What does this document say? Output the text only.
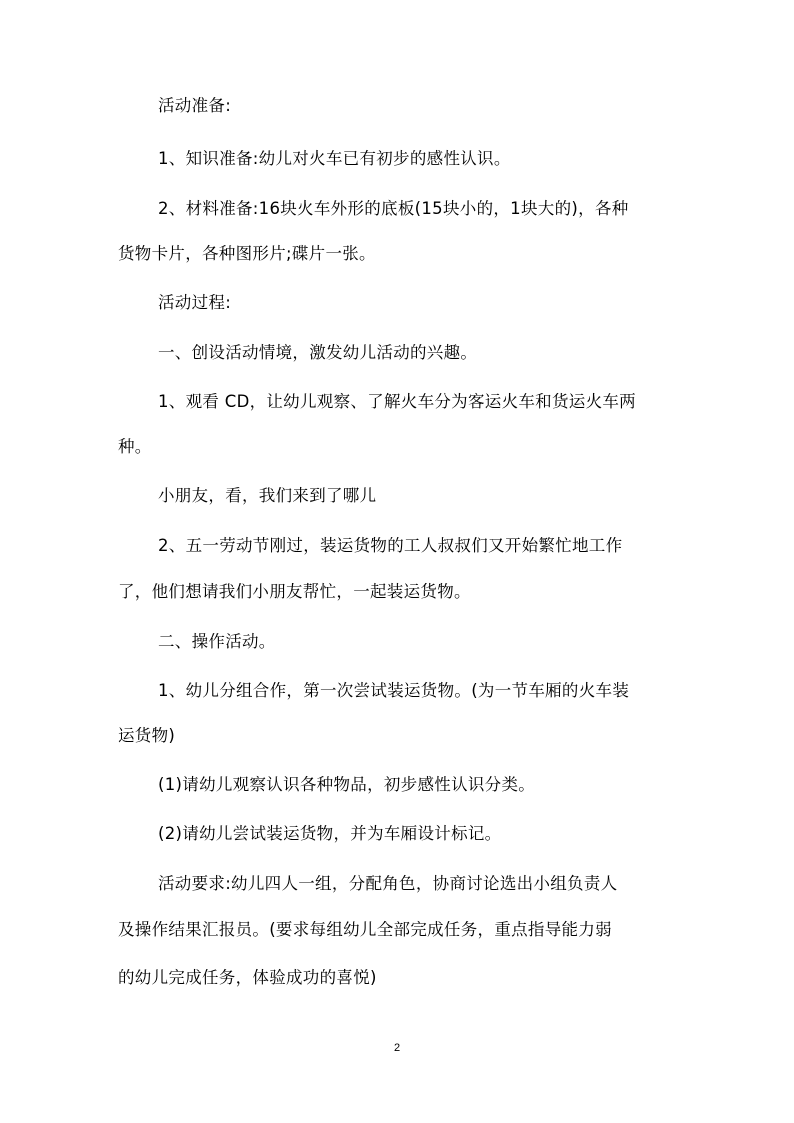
活动准备:
1、知识准备:幼儿对火车已有初步的感性认识。
2、材料准备:16块火车外形的底板(15块小的，1块大的)，各种
货物卡片，各种图形片;碟片一张。
活动过程:
一、创设活动情境，激发幼儿活动的兴趣。
1、观看 CD，让幼儿观察、了解火车分为客运火车和货运火车两
种。
小朋友，看，我们来到了哪儿
2、五一劳动节刚过，装运货物的工人叔叔们又开始繁忙地工作
了，他们想请我们小朋友帮忙，一起装运货物。
二、操作活动。
1、幼儿分组合作，第一次尝试装运货物。(为一节车厢的火车装
运货物)
(1)请幼儿观察认识各种物品，初步感性认识分类。
(2)请幼儿尝试装运货物，并为车厢设计标记。
活动要求:幼儿四人一组，分配角色，协商讨论选出小组负责人
及操作结果汇报员。(要求每组幼儿全部完成任务，重点指导能力弱
的幼儿完成任务，体验成功的喜悦)
2
